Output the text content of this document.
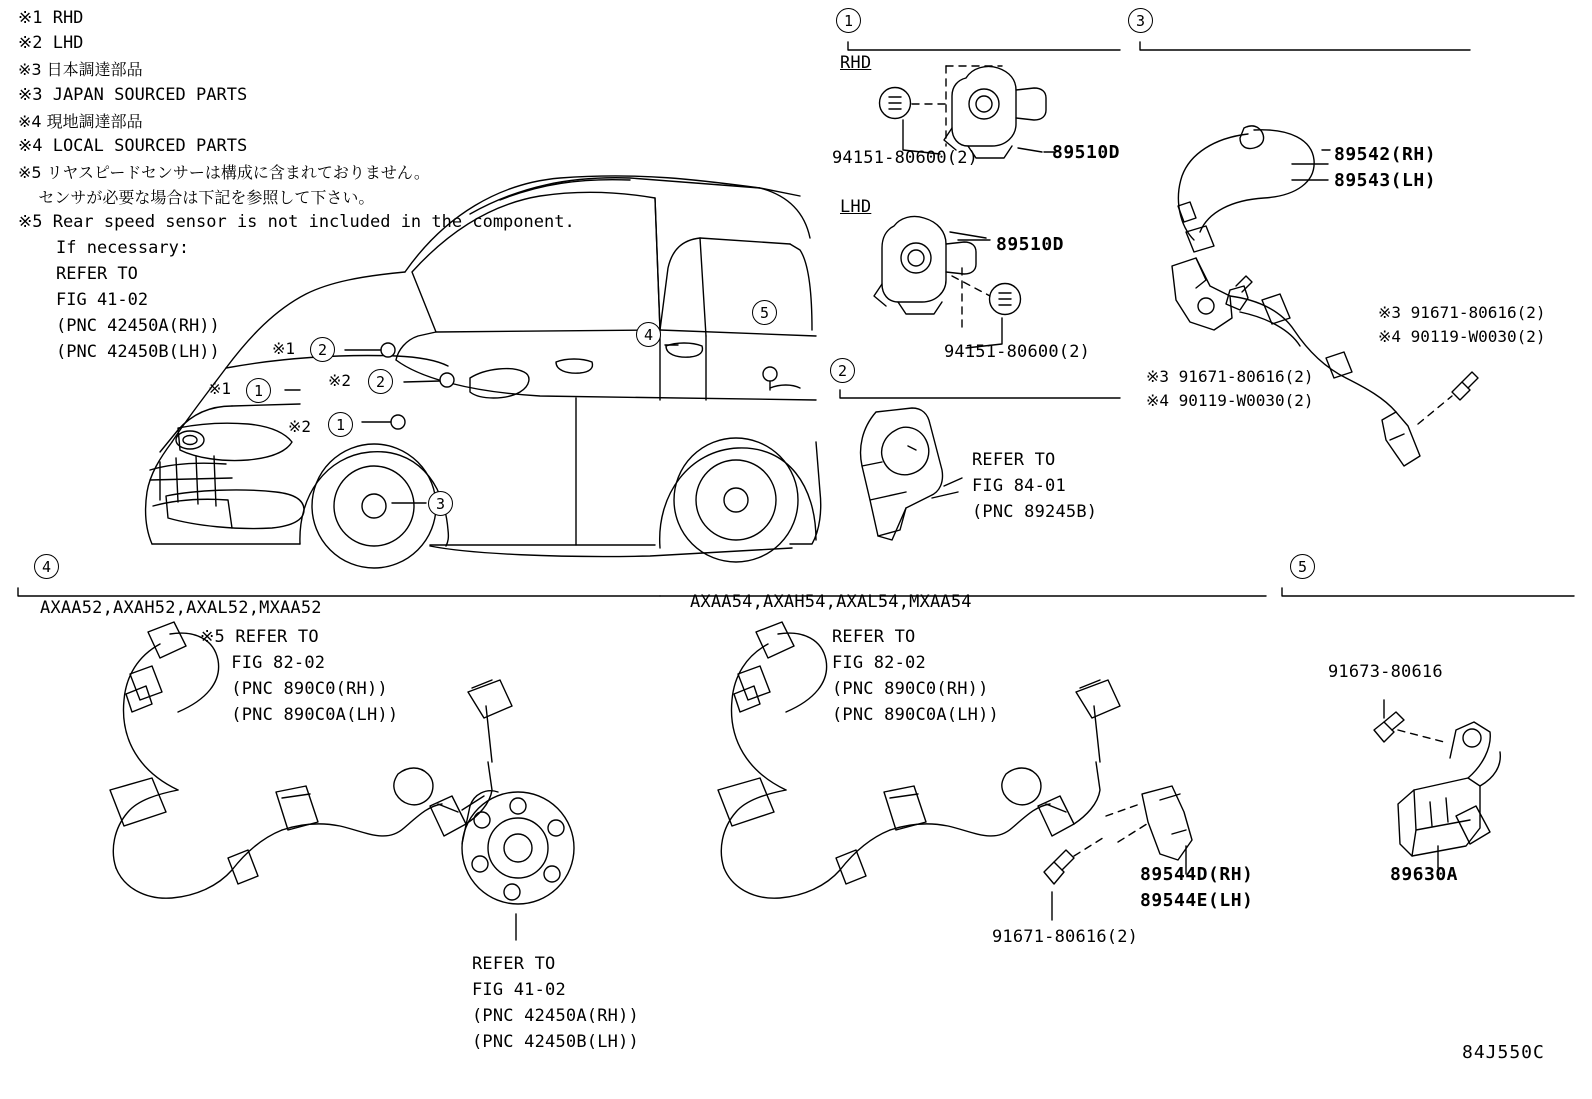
※1 RHD
※2 LHD
※3 日本調達部品
※3 JAPAN SOURCED PARTS
※4 現地調達部品
※4 LOCAL SOURCED PARTS
※5 リヤスピードセンサーは構成に含まれておりません。
センサが必要な場合は下記を参照して下さい。
※5 Rear speed sensor is not included in the component.
If necessary:
REFER TO
FIG 41-02
(PNC 42450A(RH))
(PNC 42450B(LH))	※1	2
※1	1
※2	2
※2	1
3
4
5
1
RHD
94151-80600(2)	89510D
LHD
89510D
94151-80600(2)
2
REFER TO
FIG 84-01
(PNC 89245B)
3
89542(RH)
89543(LH)
※3 91671-80616(2)
※4 90119-W0030(2)
※3 91671-80616(2)
※4 90119-W0030(2)
4
AXAA52,AXAH52,AXAL52,MXAA52	AXAA54,AXAH54,AXAL54,MXAA54
※5 REFER TO
FIG 82-02
(PNC 890C0(RH))
(PNC 890C0A(LH))
REFER TO
FIG 41-02
(PNC 42450A(RH))
(PNC 42450B(LH))
REFER TO
FIG 82-02
(PNC 890C0(RH))
(PNC 890C0A(LH))
89544D(RH)
89544E(LH)
91671-80616(2)
5
91673-80616
89630A
84J550C
